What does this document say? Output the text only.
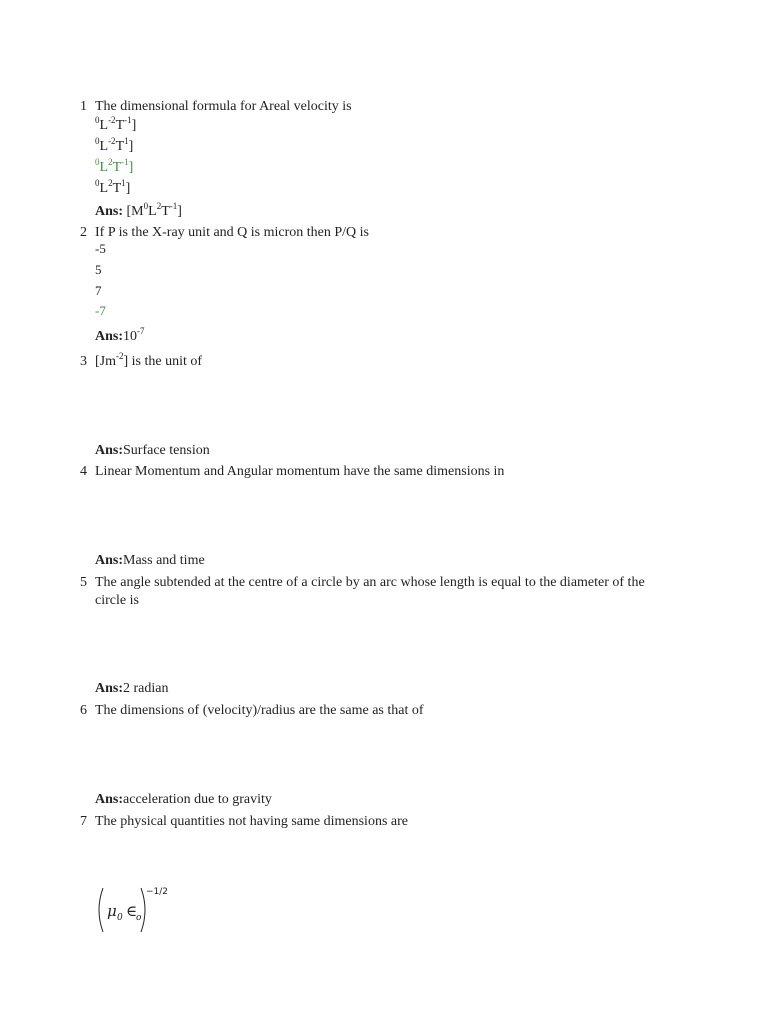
1 The dimensional formula for Areal velocity is
$^0L^{-2}T^{-1}$]
$^0L^{-2}T^1$]
$^0L^2T^{-1}$]
$^0L^2T^1$]
Ans: $[M^0L^2T^{-1}]$
2 If P is the X-ray unit and Q is micron then P/Q is
-5
5
7
-7
$Ans:10^{-7}$
3 $[Jm^{-2}]$ is the unit of
Ans:Surface tension
4 Linear Momentum and Angular momentum have the same dimensions in
Ans:Mass and time
5 The angle subtended at the centre of a circle by an arc whose length is equal to the diameter of the
circle is
Ans:2 radian
6 The dimensions of (velocity)/radius are the same as that of
Ans:acceleration due to gravity
7 The physical quantities not having same dimensions are
μ 0 ∈
o
−1/2
